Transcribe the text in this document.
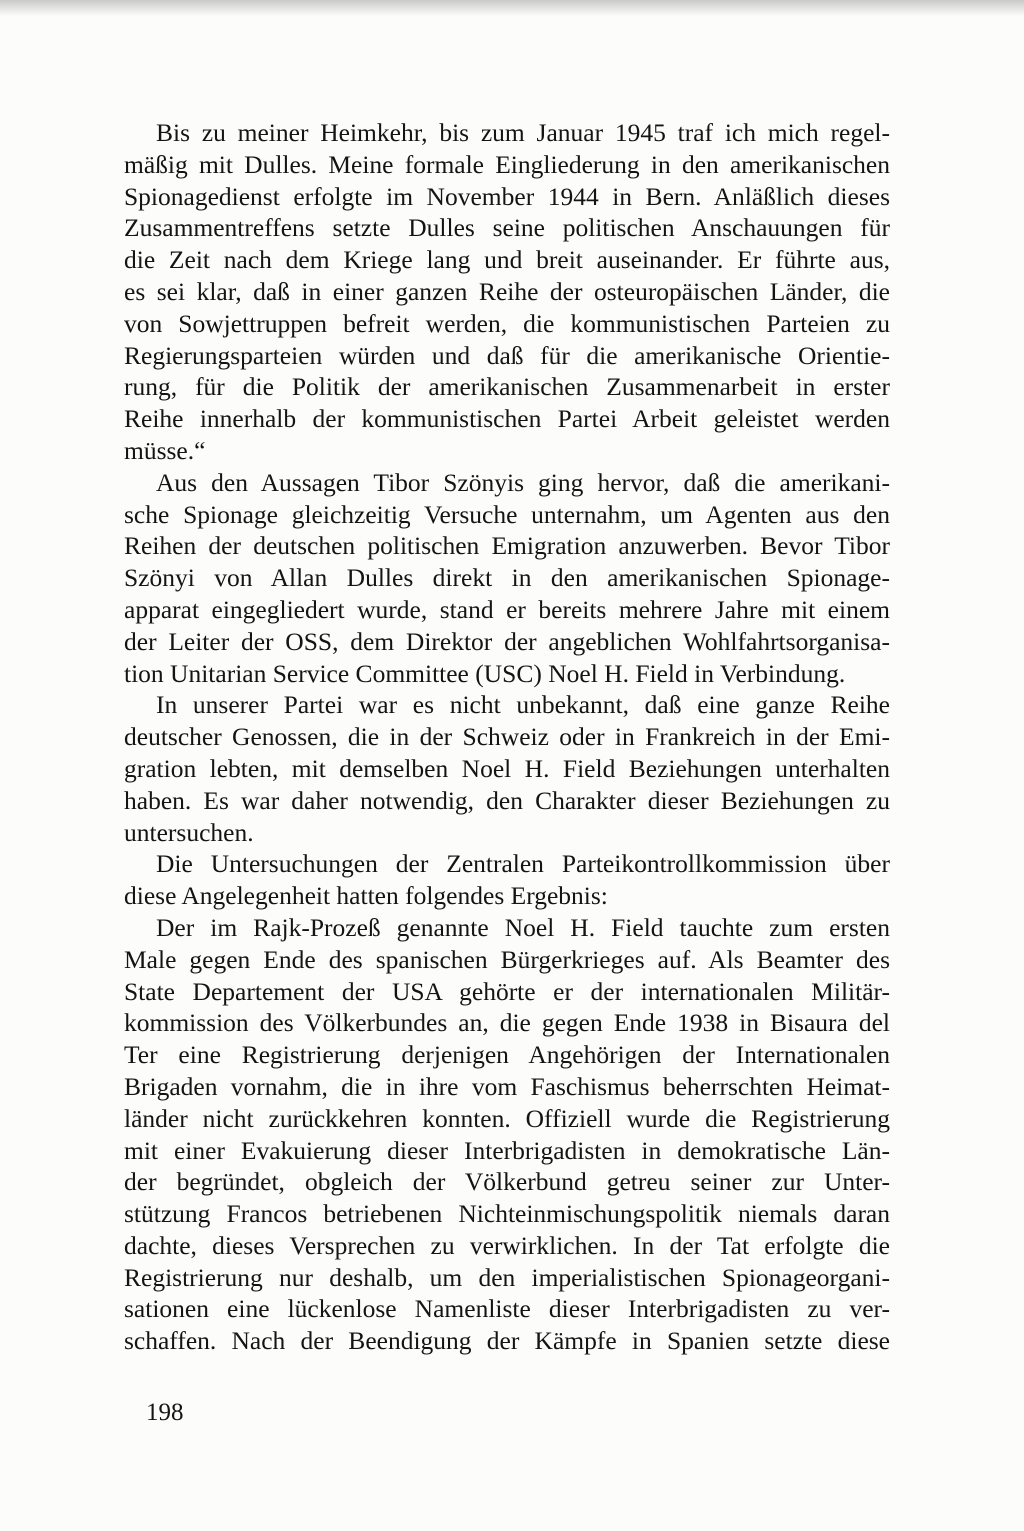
Bis zu meiner Heimkehr, bis zum Januar 1945 traf ich mich regel-
mäßig mit Dulles. Meine formale Eingliederung in den amerikanischen
Spionagedienst erfolgte im November 1944 in Bern. Anläßlich dieses
Zusammentreffens setzte Dulles seine politischen Anschauungen für
die Zeit nach dem Kriege lang und breit auseinander. Er führte aus,
es sei klar, daß in einer ganzen Reihe der osteuropäischen Länder, die
von Sowjettruppen befreit werden, die kommunistischen Parteien zu
Regierungsparteien würden und daß für die amerikanische Orientie-
rung, für die Politik der amerikanischen Zusammenarbeit in erster
Reihe innerhalb der kommunistischen Partei Arbeit geleistet werden
müsse.“
Aus den Aussagen Tibor Szönyis ging hervor, daß die amerikani-
sche Spionage gleichzeitig Versuche unternahm, um Agenten aus den
Reihen der deutschen politischen Emigration anzuwerben. Bevor Tibor
Szönyi von Allan Dulles direkt in den amerikanischen Spionage-
apparat eingegliedert wurde, stand er bereits mehrere Jahre mit einem
der Leiter der OSS, dem Direktor der angeblichen Wohlfahrtsorganisa-
tion Unitarian Service Committee (USC) Noel H. Field in Verbindung.
In unserer Partei war es nicht unbekannt, daß eine ganze Reihe
deutscher Genossen, die in der Schweiz oder in Frankreich in der Emi-
gration lebten, mit demselben Noel H. Field Beziehungen unterhalten
haben. Es war daher notwendig, den Charakter dieser Beziehungen zu
untersuchen.
Die Untersuchungen der Zentralen Parteikontrollkommission über
diese Angelegenheit hatten folgendes Ergebnis:
Der im Rajk-Prozeß genannte Noel H. Field tauchte zum ersten
Male gegen Ende des spanischen Bürgerkrieges auf. Als Beamter des
State Departement der USA gehörte er der internationalen Militär-
kommission des Völkerbundes an, die gegen Ende 1938 in Bisaura del
Ter eine Registrierung derjenigen Angehörigen der Internationalen
Brigaden vornahm, die in ihre vom Faschismus beherrschten Heimat-
länder nicht zurückkehren konnten. Offiziell wurde die Registrierung
mit einer Evakuierung dieser Interbrigadisten in demokratische Län-
der begründet, obgleich der Völkerbund getreu seiner zur Unter-
stützung Francos betriebenen Nichteinmischungspolitik niemals daran
dachte, dieses Versprechen zu verwirklichen. In der Tat erfolgte die
Registrierung nur deshalb, um den imperialistischen Spionageorgani-
sationen eine lückenlose Namenliste dieser Interbrigadisten zu ver-
schaffen. Nach der Beendigung der Kämpfe in Spanien setzte diese
198
